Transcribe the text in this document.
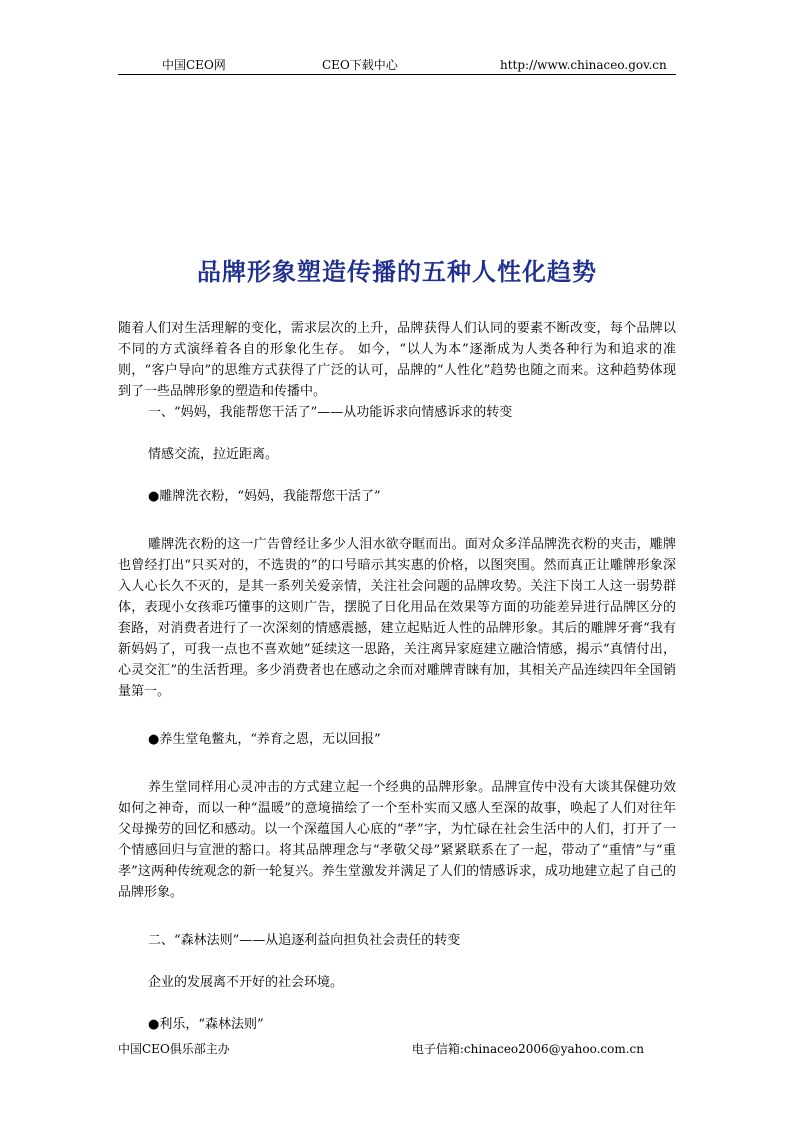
中国CEO网	CEO下载中心	http://www.chinaceo.gov.cn
品牌形象塑造传播的五种人性化趋势

随着人们对生活理解的变化，需求层次的上升，品牌获得人们认同的要素不断改变，每个品牌以不同的方式演绎着各自的形象化生存。 如今，“以人为本”逐渐成为人类各种行为和追求的准则，“客户导向”的思维方式获得了广泛的认可，品牌的“人性化”趋势也随之而来。这种趋势体现到了一些品牌形象的塑造和传播中。

一、“妈妈，我能帮您干活了”——从功能诉求向情感诉求的转变

情感交流，拉近距离。

●雕牌洗衣粉，“妈妈，我能帮您干活了”

雕牌洗衣粉的这一广告曾经让多少人泪水欲夺眶而出。面对众多洋品牌洗衣粉的夹击，雕牌也曾经打出“只买对的，不选贵的”的口号暗示其实惠的价格，以图突围。然而真正让雕牌形象深入人心长久不灭的，是其一系列关爱亲情，关注社会问题的品牌攻势。关注下岗工人这一弱势群体，表现小女孩乖巧懂事的这则广告，摆脱了日化用品在效果等方面的功能差异进行品牌区分的套路，对消费者进行了一次深刻的情感震撼，建立起贴近人性的品牌形象。其后的雕牌牙膏“我有新妈妈了，可我一点也不喜欢她”延续这一思路，关注离异家庭建立融洽情感，揭示“真情付出，心灵交汇”的生活哲理。多少消费者也在感动之余而对雕牌青睐有加，其相关产品连续四年全国销量第一。

●养生堂龟鳖丸，“养育之恩，无以回报”

养生堂同样用心灵冲击的方式建立起一个经典的品牌形象。品牌宣传中没有大谈其保健功效如何之神奇，而以一种“温暖”的意境描绘了一个至朴实而又感人至深的故事，唤起了人们对往年父母操劳的回忆和感动。以一个深蕴国人心底的“孝”字，为忙碌在社会生活中的人们，打开了一个情感回归与宣泄的豁口。将其品牌理念与“孝敬父母”紧紧联系在了一起，带动了“重情”与“重孝”这两种传统观念的新一轮复兴。养生堂激发并满足了人们的情感诉求，成功地建立起了自己的品牌形象。

二、“森林法则”——从追逐利益向担负社会责任的转变

企业的发展离不开好的社会环境。

●利乐，“森林法则”

中国CEO俱乐部主办	电子信箱:chinaceo2006@yahoo.com.cn
